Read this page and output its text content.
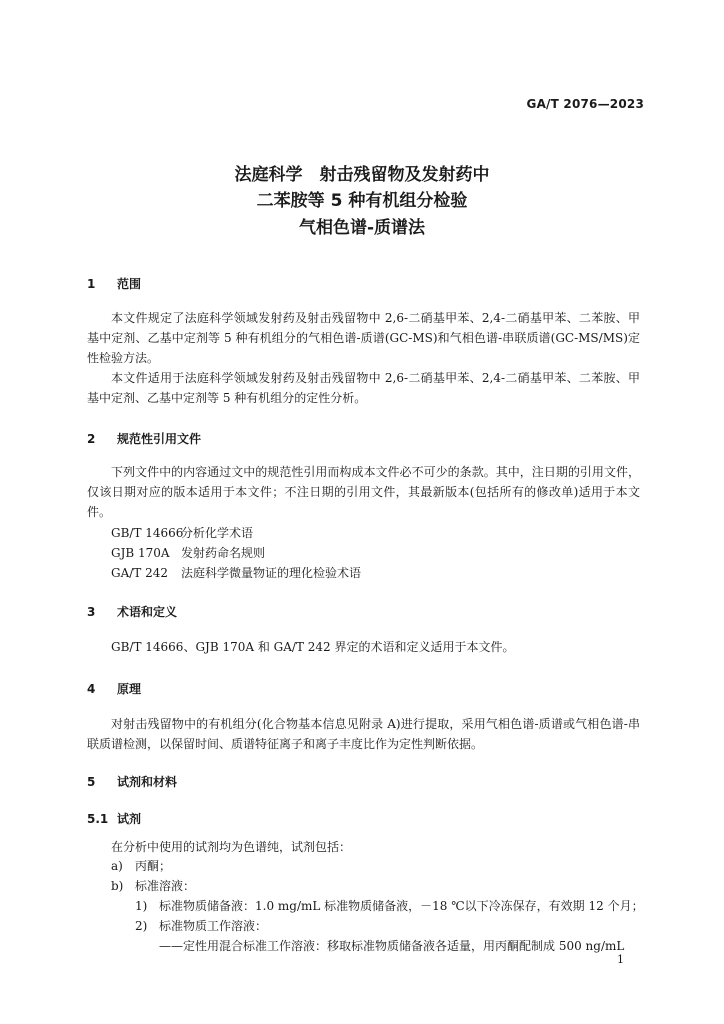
GA/T 2076—2023
法庭科学　射击残留物及发射药中
二苯胺等 5 种有机组分检验
气相色谱-质谱法
1 范围

本文件规定了法庭科学领域发射药及射击残留物中 2,6-二硝基甲苯、2,4-二硝基甲苯、二苯胺、甲基中定剂、乙基中定剂等 5 种有机组分的气相色谱-质谱(GC-MS)和气相色谱-串联质谱(GC-MS/MS)定性检验方法。

本文件适用于法庭科学领域发射药及射击残留物中 2,6-二硝基甲苯、2,4-二硝基甲苯、二苯胺、甲基中定剂、乙基中定剂等 5 种有机组分的定性分析。

2 规范性引用文件

下列文件中的内容通过文中的规范性引用而构成本文件必不可少的条款。其中，注日期的引用文件，仅该日期对应的版本适用于本文件；不注日期的引用文件，其最新版本(包括所有的修改单)适用于本文件。

GB/T 14666分析化学术语
GJB 170A 发射药命名规则
GA/T 242 法庭科学微量物证的理化检验术语
3 术语和定义

GB/T 14666、GJB 170A 和 GA/T 242 界定的术语和定义适用于本文件。

4 原理

对射击残留物中的有机组分(化合物基本信息见附录 A)进行提取，采用气相色谱-质谱或气相色谱-串联质谱检测，以保留时间、质谱特征离子和离子丰度比作为定性判断依据。

5 试剂和材料
5.1 试剂
在分析中使用的试剂均为色谱纯，试剂包括：
a) 丙酮；
b) 标准溶液：
1) 标准物质储备液：1.0 mg/mL 标准物质储备液，－18 ℃以下冷冻保存，有效期 12 个月；
2) 标准物质工作溶液：
——定性用混合标准工作溶液：移取标准物质储备液各适量，用丙酮配制成 500 ng/mL
1
